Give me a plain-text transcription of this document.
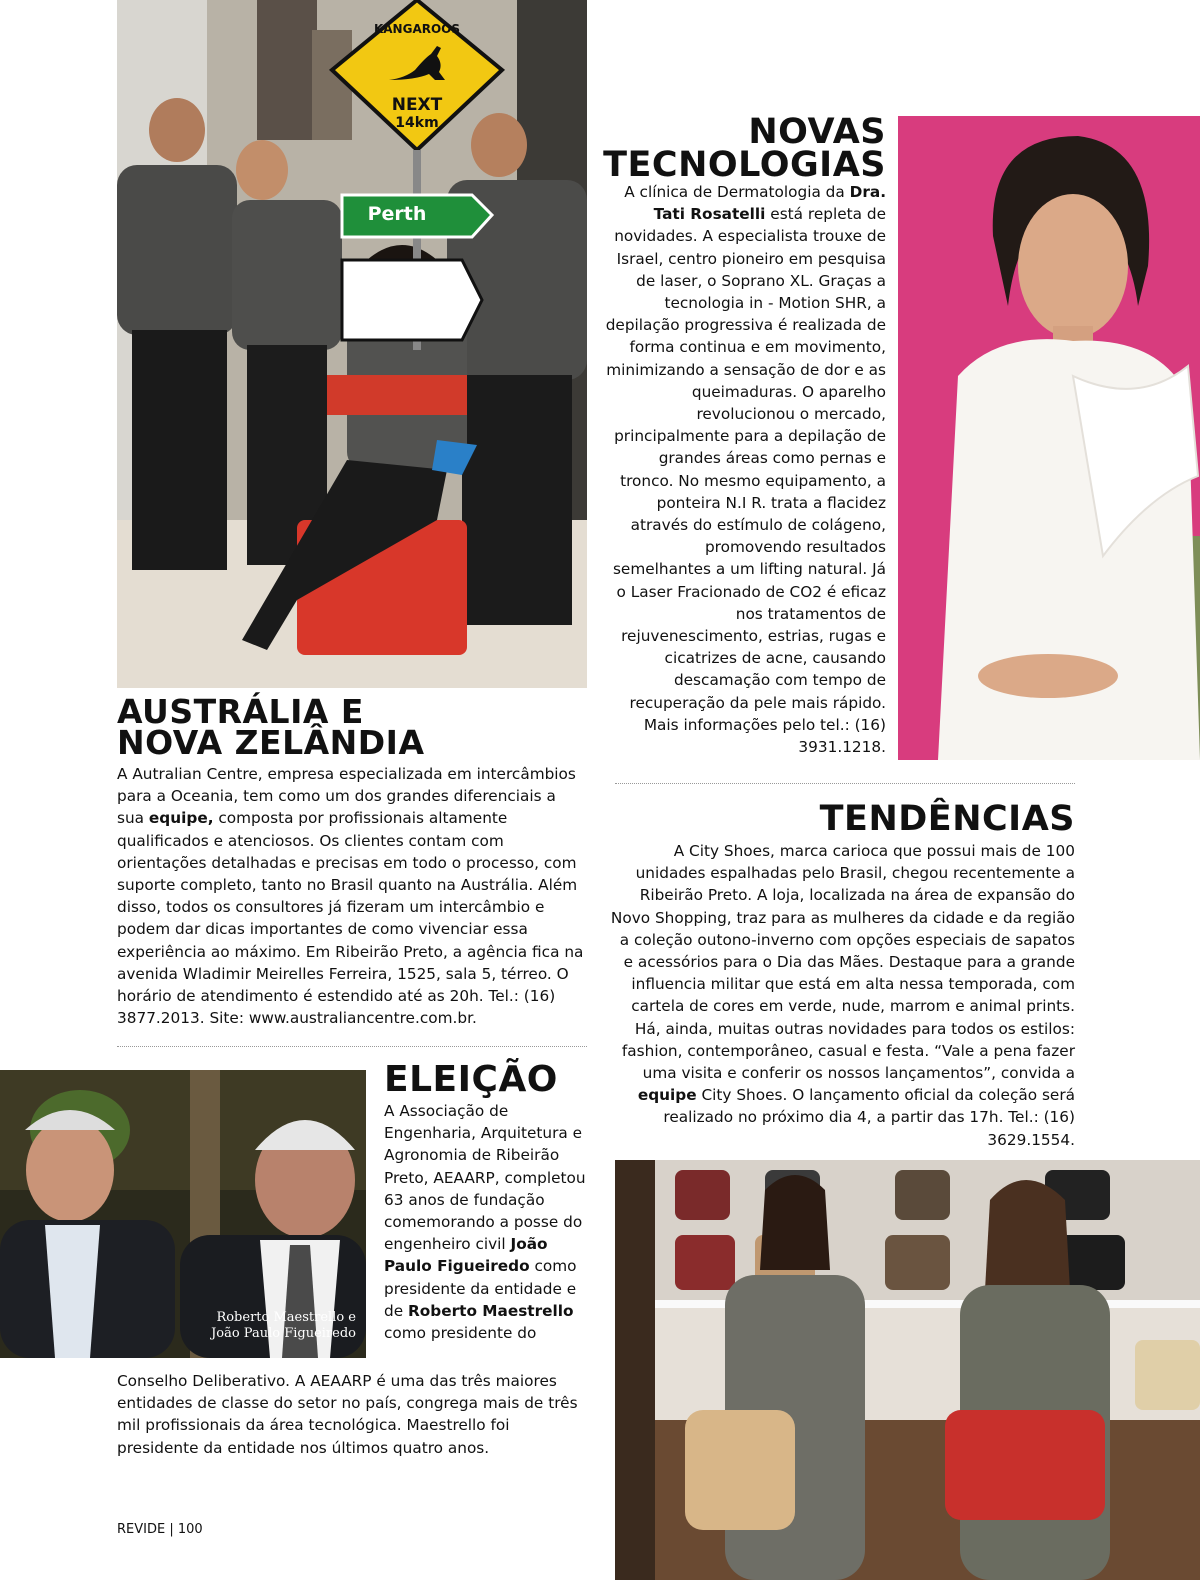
KANGAROOS
NEXT
14km
Perth
AUSTRÁLIA E
NOVA ZELÂNDIA

A Autralian Centre, empresa especializada em intercâmbios para a Oceania, tem como um dos grandes diferenciais a sua equipe, composta por profissionais altamente qualificados e atenciosos. Os clientes contam com orientações detalhadas e precisas em todo o processo, com suporte completo, tanto no Brasil quanto na Austrália. Além disso, todos os consultores já fizeram um intercâmbio e podem dar dicas importantes de como vivenciar essa experiência ao máximo. Em Ribeirão Preto, a agência fica na avenida Wladimir Meirelles Ferreira, 1525, sala 5, térreo. O horário de atendimento é estendido até as 20h. Tel.: (16) 3877.2013. Site: www.australiancentre.com.br.

Roberto Maestrello e
João Paulo Figueiredo
ELEIÇÃO

A Associação de Engenharia, Arquitetura e Agronomia de Ribeirão Preto, AEAARP, completou 63 anos de fundação comemorando a posse do engenheiro civil João Paulo Figueiredo como presidente da entidade e de Roberto Maestrello como presidente do

Conselho Deliberativo. A AEAARP é uma das três maiores entidades de classe do setor no país, congrega mais de três mil profissionais da área tecnológica. Maestrello foi presidente da entidade nos últimos quatro anos.

NOVAS
TECNOLOGIAS

A clínica de Dermatologia da Dra. Tati Rosatelli está repleta de novidades. A especialista trouxe de Israel, centro pioneiro em pesquisa de laser, o Soprano XL. Graças a tecnologia in - Motion SHR, a depilação progressiva é realizada de forma continua e em movimento, minimizando a sensação de dor e as queimaduras. O aparelho revolucionou o mercado, principalmente para a depilação de grandes áreas como pernas e tronco. No mesmo equipamento, a ponteira N.I R. trata a flacidez através do estímulo de colágeno, promovendo resultados semelhantes a um lifting natural. Já o Laser Fracionado de CO2 é eficaz nos tratamentos de rejuvenescimento, estrias, rugas e cicatrizes de acne, causando descamação com tempo de recuperação da pele mais rápido. Mais informações pelo tel.: (16) 3931.1218.

TENDÊNCIAS

A City Shoes, marca carioca que possui mais de 100 unidades espalhadas pelo Brasil, chegou recentemente a Ribeirão Preto. A loja, localizada na área de expansão do Novo Shopping, traz para as mulheres da cidade e da região a coleção outono-inverno com opções especiais de sapatos e acessórios para o Dia das Mães. Destaque para a grande influencia militar que está em alta nessa temporada, com cartela de cores em verde, nude, marrom e animal prints. Há, ainda, muitas outras novidades para todos os estilos: fashion, contemporâneo, casual e festa. “Vale a pena fazer uma visita e conferir os nossos lançamentos”, convida a equipe City Shoes. O lançamento oficial da coleção será realizado no próximo dia 4, a partir das 17h. Tel.: (16) 3629.1554.

REVIDE | 100
